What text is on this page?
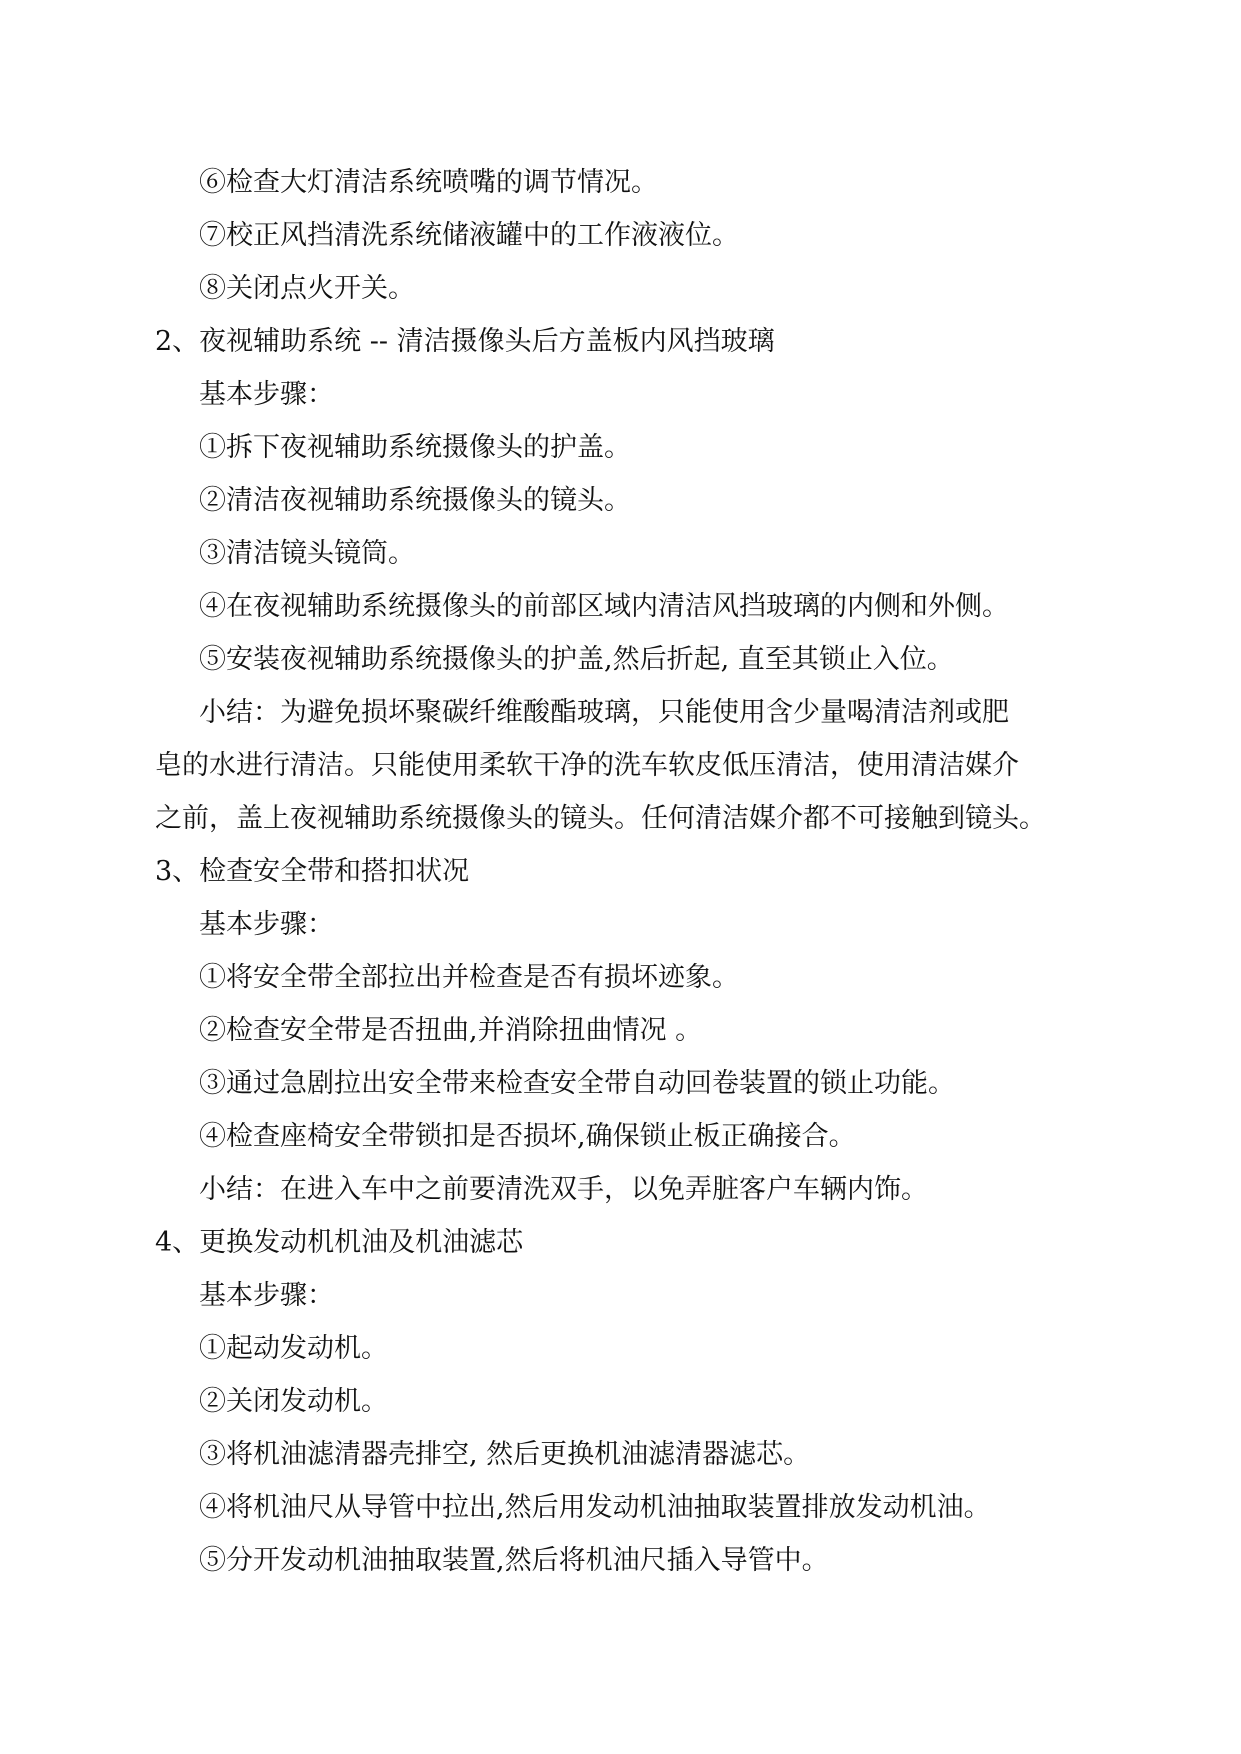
⑥检查大灯清洁系统喷嘴的调节情况。

⑦校正风挡清洗系统储液罐中的工作液液位。

⑧关闭点火开关。

2、夜视辅助系统 -- 清洁摄像头后方盖板内风挡玻璃

基本步骤：

①拆下夜视辅助系统摄像头的护盖。

②清洁夜视辅助系统摄像头的镜头。

③清洁镜头镜筒。

④在夜视辅助系统摄像头的前部区域内清洁风挡玻璃的内侧和外侧。

⑤安装夜视辅助系统摄像头的护盖,然后折起, 直至其锁止入位。

小结：为避免损坏聚碳纤维酸酯玻璃，只能使用含少量喝清洁剂或肥

皂的水进行清洁。只能使用柔软干净的洗车软皮低压清洁，使用清洁媒介

之前，盖上夜视辅助系统摄像头的镜头。任何清洁媒介都不可接触到镜头。

3、检查安全带和搭扣状况

基本步骤：

①将安全带全部拉出并检查是否有损坏迹象。

②检查安全带是否扭曲,并消除扭曲情况 。

③通过急剧拉出安全带来检查安全带自动回卷装置的锁止功能。

④检查座椅安全带锁扣是否损坏,确保锁止板正确接合。

小结：在进入车中之前要清洗双手，以免弄脏客户车辆内饰。

4、更换发动机机油及机油滤芯

基本步骤：

①起动发动机。

②关闭发动机。

③将机油滤清器壳排空, 然后更换机油滤清器滤芯。

④将机油尺从导管中拉出,然后用发动机油抽取装置排放发动机油。

⑤分开发动机油抽取装置,然后将机油尺插入导管中。
